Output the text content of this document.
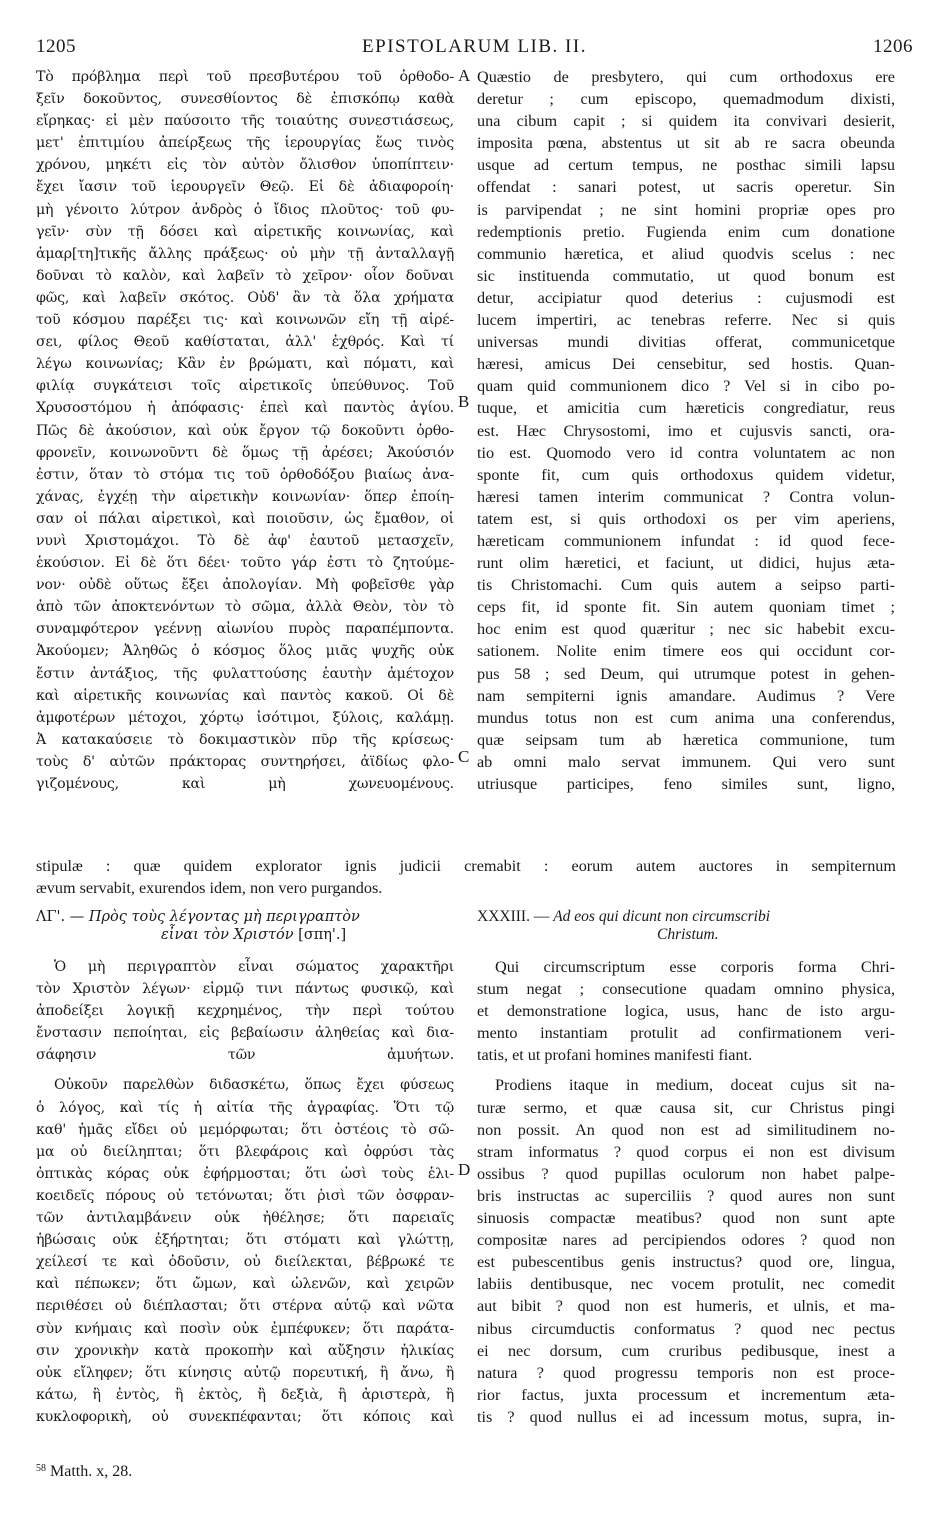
1205	EPISTOLARUM LIB. II.	1206
A
B
C
D
Τὸ πρόβλημα περὶ τοῦ πρεσβυτέρου τοῦ ὀρθοδο-
ξεῖν δοκοῦντος, συνεσθίοντος δὲ ἐπισκόπῳ καθὰ
εἴρηκας· εἰ μὲν παύσοιτο τῆς τοιαύτης συνεστιάσεως,
μετ' ἐπιτιμίου ἀπείρξεως τῆς ἱερουργίας ἕως τινὸς
χρόνου, μηκέτι εἰς τὸν αὐτὸν ὄλισθον ὑποπίπτειν·
ἔχει ἴασιν τοῦ ἱερουργεῖν Θεῷ. Εἰ δὲ ἀδιαφοροίη·
μὴ γένοιτο λύτρον ἀνδρὸς ὁ ἴδιος πλοῦτος· τοῦ φυ-
γεῖν· σὺν τῇ δόσει καὶ αἱρετικῆς κοινωνίας, καὶ
ἁμαρ[τη]τικῆς ἄλλης πράξεως· οὐ μὴν τῇ ἀνταλλαγῇ
δοῦναι τὸ καλὸν, καὶ λαβεῖν τὸ χεῖρον· οἷον δοῦναι
φῶς, καὶ λαβεῖν σκότος. Οὐδ' ἂν τὰ ὅλα χρήματα
τοῦ κόσμου παρέξει τις· καὶ κοινωνῶν εἴη τῇ αἱρέ-
σει, φίλος Θεοῦ καθίσταται, ἀλλ' ἐχθρός. Καὶ τί
λέγω κοινωνίας; Κἂν ἐν βρώματι, καὶ πόματι, καὶ
φιλίᾳ συγκάτεισι τοῖς αἱρετικοῖς ὑπεύθυνος. Τοῦ
Χρυσοστόμου ἡ ἀπόφασις· ἐπεὶ καὶ παντὸς ἁγίου.
Πῶς δὲ ἀκούσιον, καὶ οὐκ ἔργον τῷ δοκοῦντι ὀρθο-
φρονεῖν, κοινωνοῦντι δὲ ὅμως τῇ ἀρέσει; Ἀκούσιόν
ἐστιν, ὅταν τὸ στόμα τις τοῦ ὀρθοδόξου βιαίως ἀνα-
χάνας, ἐγχέῃ τὴν αἱρετικὴν κοινωνίαν· ὅπερ ἐποίη-
σαν οἱ πάλαι αἱρετικοὶ, καὶ ποιοῦσιν, ὡς ἔμαθον, οἱ
νυνὶ Χριστομάχοι. Τὸ δὲ ἀφ' ἑαυτοῦ μετασχεῖν,
ἑκούσιον. Εἰ δὲ ὅτι δέει· τοῦτο γάρ ἐστι τὸ ζητούμε-
νον· οὐδὲ οὕτως ἔξει ἀπολογίαν. Μὴ φοβεῖσθε γὰρ
ἀπὸ τῶν ἀποκτενόντων τὸ σῶμα, ἀλλὰ Θεὸν, τὸν τὸ
συναμφότερον γεέννῃ αἰωνίου πυρὸς παραπέμποντα.
Ἀκούομεν; Ἀληθῶς ὁ κόσμος ὅλος μιᾶς ψυχῆς οὐκ
ἔστιν ἀντάξιος, τῆς φυλαττούσης ἑαυτὴν ἀμέτοχον
καὶ αἱρετικῆς κοινωνίας καὶ παντὸς κακοῦ. Οἱ δὲ
ἀμφοτέρων μέτοχοι, χόρτῳ ἰσότιμοι, ξύλοις, καλάμῃ.
Ἀ κατακαύσειε τὸ δοκιμαστικὸν πῦρ τῆς κρίσεως·
τοὺς δ' αὐτῶν πράκτορας συντηρήσει, ἀϊδίως φλο-
γιζομένους, καὶ μὴ χωνευομένους.
Quæstio de presbytero, qui cum orthodoxus ere
deretur ; cum episcopo, quemadmodum dixisti,
una cibum capit ; si quidem ita convivari desierit,
imposita pœna, abstentus ut sit ab re sacra obeunda
usque ad certum tempus, ne posthac simili lapsu
offendat : sanari potest, ut sacris operetur. Sin
is parvipendat ; ne sint homini propriæ opes pro
redemptionis pretio. Fugienda enim cum donatione
communio hæretica, et aliud quodvis scelus : nec
sic instituenda commutatio, ut quod bonum est
detur, accipiatur quod deterius : cujusmodi est
lucem impertiri, ac tenebras referre. Nec si quis
universas mundi divitias offerat, communicetque
hæresi, amicus Dei censebitur, sed hostis. Quan-
quam quid communionem dico ? Vel si in cibo po-
tuque, et amicitia cum hæreticis congrediatur, reus
est. Hæc Chrysostomi, imo et cujusvis sancti, ora-
tio est. Quomodo vero id contra voluntatem ac non
sponte fit, cum quis orthodoxus quidem videtur,
hæresi tamen interim communicat ? Contra volun-
tatem est, si quis orthodoxi os per vim aperiens,
hæreticam communionem infundat : id quod fece-
runt olim hæretici, et faciunt, ut didici, hujus æta-
tis Christomachi. Cum quis autem a seipso parti-
ceps fit, id sponte fit. Sin autem quoniam timet ;
hoc enim est quod quæritur ; nec sic habebit excu-
sationem. Nolite enim timere eos qui occidunt cor-
pus 58 ; sed Deum, qui utrumque potest in gehen-
nam sempiterni ignis amandare. Audimus ? Vere
mundus totus non est cum anima una conferendus,
quæ seipsam tum ab hæretica communione, tum
ab omni malo servat immunem. Qui vero sunt
utriusque participes, feno similes sunt, ligno,
stipulæ : quæ quidem explorator ignis judicii cremabit : eorum autem auctores in sempiternum
ævum servabit, exurendos idem, non vero purgandos.
ΛΓ'. — Πρὸς τοὺς λέγοντας μὴ περιγραπτὸν
εἶναι τὸν Χριστόν [σπη'.]
XXXIII. — Ad eos qui dicunt non circumscribi
Christum.
Ὁ μὴ περιγραπτὸν εἶναι σώματος χαρακτῆρι
τὸν Χριστὸν λέγων· εἱρμῷ τινι πάντως φυσικῷ, καὶ
ἀποδείξει λογικῇ κεχρημένος, τὴν περὶ τούτου
ἔνστασιν πεποίηται, εἰς βεβαίωσιν ἀληθείας καὶ δια-
σάφησιν τῶν ἀμυήτων.
Οὐκοῦν παρελθὼν διδασκέτω, ὅπως ἔχει φύσεως
ὁ λόγος, καὶ τίς ἡ αἰτία τῆς ἀγραφίας. Ὅτι τῷ
καθ' ἡμᾶς εἴδει οὐ μεμόρφωται; ὅτι ὀστέοις τὸ σῶ-
μα οὐ διείληπται; ὅτι βλεφάροις καὶ ὀφρύσι τὰς
ὀπτικὰς κόρας οὐκ ἐφήρμοσται; ὅτι ὠσὶ τοὺς ἑλι-
κοειδεῖς πόρους οὐ τετόνωται; ὅτι ῥισὶ τῶν ὀσφραν-
τῶν ἀντιλαμβάνειν οὐκ ἠθέλησε; ὅτι παρειαῖς
ἡβώσαις οὐκ ἐξήρτηται; ὅτι στόματι καὶ γλώττῃ,
χείλεσί τε καὶ ὀδοῦσιν, οὐ διείλεκται, βέβρωκέ τε
καὶ πέπωκεν; ὅτι ὤμων, καὶ ὠλενῶν, καὶ χειρῶν
περιθέσει οὐ διέπλασται; ὅτι στέρνα αὐτῷ καὶ νῶτα
σὺν κνήμαις καὶ ποσὶν οὐκ ἐμπέφυκεν; ὅτι παράτα-
σιν χρονικὴν κατὰ προκοπὴν καὶ αὔξησιν ἡλικίας
οὐκ εἴληφεν; ὅτι κίνησις αὐτῷ πορευτική, ἢ ἄνω, ἢ
κάτω, ἢ ἐντὸς, ἢ ἐκτὸς, ἢ δεξιὰ, ἢ ἀριστερὰ, ἢ
κυκλοφορικὴ, οὐ συνεκπέφανται; ὅτι κόποις καὶ
Qui circumscriptum esse corporis forma Chri-
stum negat ; consecutione quadam omnino physica,
et demonstratione logica, usus, hanc de isto argu-
mento instantiam protulit ad confirmationem veri-
tatis, et ut profani homines manifesti fiant.
Prodiens itaque in medium, doceat cujus sit na-
turæ sermo, et quæ causa sit, cur Christus pingi
non possit. An quod non est ad similitudinem no-
stram informatus ? quod corpus ei non est divisum
ossibus ? quod pupillas oculorum non habet palpe-
bris instructas ac superciliis ? quod aures non sunt
sinuosis compactæ meatibus? quod non sunt apte
compositæ nares ad percipiendos odores ? quod non
est pubescentibus genis instructus? quod ore, lingua,
labiis dentibusque, nec vocem protulit, nec comedit
aut bibit ? quod non est humeris, et ulnis, et ma-
nibus circumductis conformatus ? quod nec pectus
ei nec dorsum, cum cruribus pedibusque, inest a
natura ? quod progressu temporis non est proce-
rior factus, juxta processum et incrementum æta-
tis ? quod nullus ei ad incessum motus, supra, in-
$^{58}$ Matth. x, 28.
